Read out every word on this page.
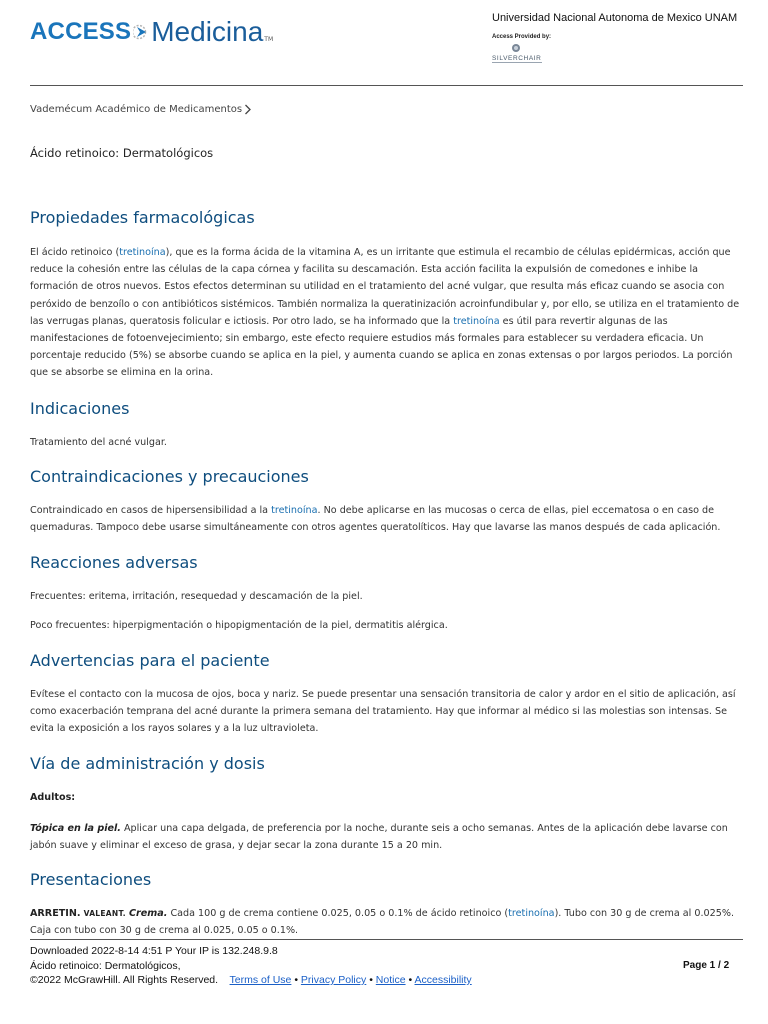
ACCESS Medicina TM
Universidad Nacional Autonoma de Mexico UNAM
Access Provided by:
SILVERCHAIR
Vademécum Académico de Medicamentos
Ácido retinoico: Dermatológicos
Propiedades farmacológicas

El ácido retinoico (tretinoína), que es la forma ácida de la vitamina A, es un irritante que estimula el recambio de células epidérmicas, acción que reduce la cohesión entre las células de la capa córnea y facilita su descamación. Esta acción facilita la expulsión de comedones e inhibe la formación de otros nuevos. Estos efectos determinan su utilidad en el tratamiento del acné vulgar, que resulta más eficaz cuando se asocia con peróxido de benzoílo o con antibióticos sistémicos. También normaliza la queratinización acroinfundibular y, por ello, se utiliza en el tratamiento de las verrugas planas, queratosis folicular e ictiosis. Por otro lado, se ha informado que la tretinoína es útil para revertir algunas de las manifestaciones de fotoenvejecimiento; sin embargo, este efecto requiere estudios más formales para establecer su verdadera eficacia. Un porcentaje reducido (5%) se absorbe cuando se aplica en la piel, y aumenta cuando se aplica en zonas extensas o por largos periodos. La porción que se absorbe se elimina en la orina.

Indicaciones

Tratamiento del acné vulgar.

Contraindicaciones y precauciones

Contraindicado en casos de hipersensibilidad a la tretinoína. No debe aplicarse en las mucosas o cerca de ellas, piel eccematosa o en caso de quemaduras. Tampoco debe usarse simultáneamente con otros agentes queratolíticos. Hay que lavarse las manos después de cada aplicación.

Reacciones adversas

Frecuentes: eritema, irritación, resequedad y descamación de la piel.

Poco frecuentes: hiperpigmentación o hipopigmentación de la piel, dermatitis alérgica.

Advertencias para el paciente

Evítese el contacto con la mucosa de ojos, boca y nariz. Se puede presentar una sensación transitoria de calor y ardor en el sitio de aplicación, así como exacerbación temprana del acné durante la primera semana del tratamiento. Hay que informar al médico si las molestias son intensas. Se evita la exposición a los rayos solares y a la luz ultravioleta.

Vía de administración y dosis

Adultos:

Tópica en la piel. Aplicar una capa delgada, de preferencia por la noche, durante seis a ocho semanas. Antes de la aplicación debe lavarse con jabón suave y eliminar el exceso de grasa, y dejar secar la zona durante 15 a 20 min.

Presentaciones

ARRETIN. VALEANT. Crema. Cada 100 g de crema contiene 0.025, 0.05 o 0.1% de ácido retinoico (tretinoína). Tubo con 30 g de crema al 0.025%. Caja con tubo con 30 g de crema al 0.025, 0.05 o 0.1%.

Downloaded 2022-8-14 4:51 P Your IP is 132.248.9.8
Ácido retinoico: Dermatológicos,
©2022 McGrawHill. All Rights Reserved. Terms of Use • Privacy Policy • Notice • Accessibility
Page 1 / 2
